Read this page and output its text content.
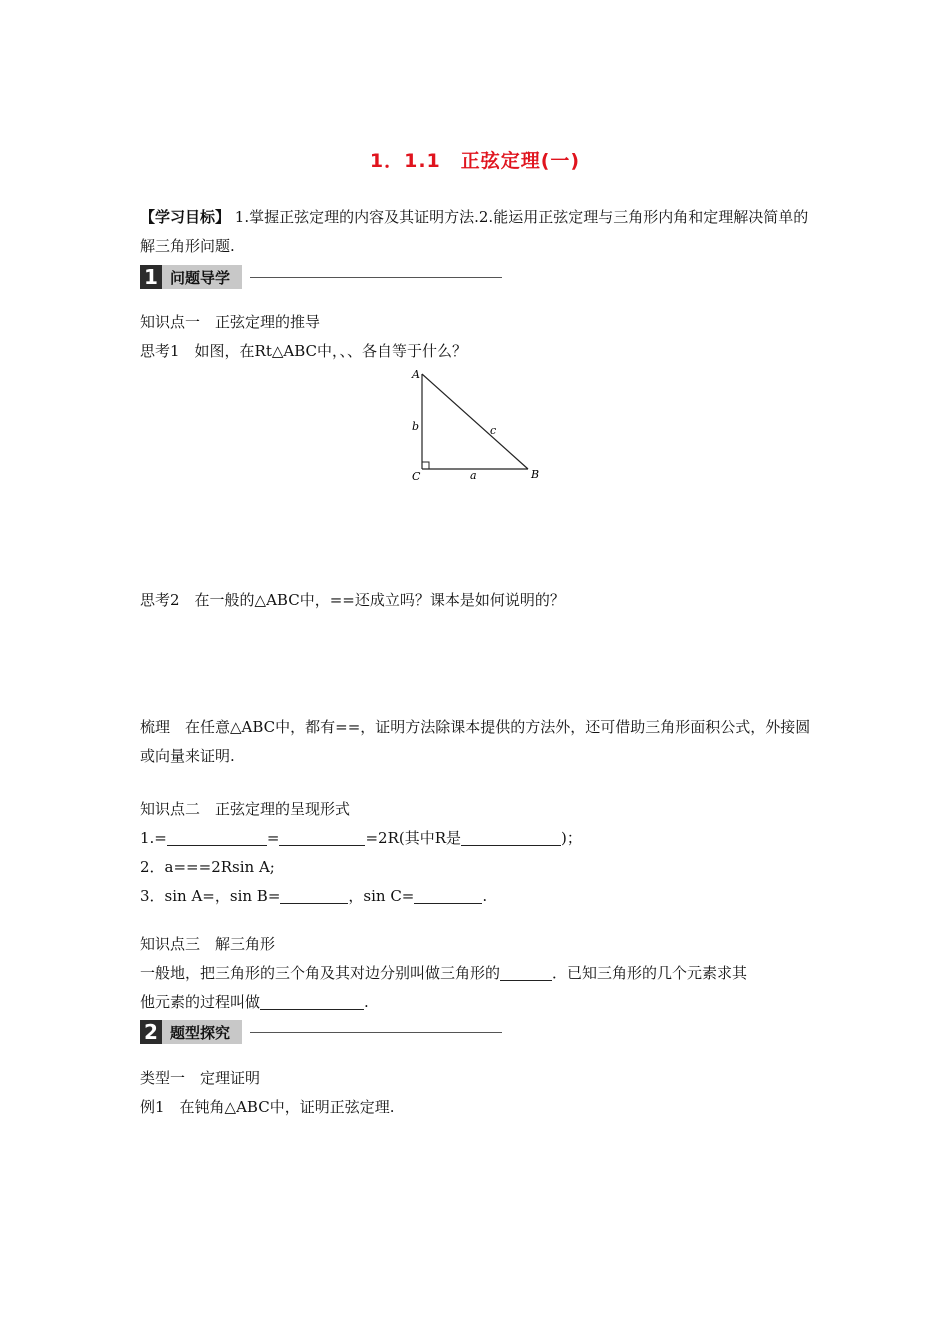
1．1.1　正弦定理(一)
【学习目标】 1.掌握正弦定理的内容及其证明方法.2.能运用正弦定理与三角形内角和定理解决简单的解三角形问题.
1 问题导学
知识点一　正弦定理的推导
思考1　如图，在Rt△ABC中，、、各自等于什么？
A
B
C	a
b	c
思考2　在一般的△ABC中，==还成立吗？课本是如何说明的？
梳理　在任意△ABC中，都有==，证明方法除课本提供的方法外，还可借助三角形面积公式，外接圆或向量来证明.
知识点二　正弦定理的呈现形式
1.=	=	=2R(其中R是	)；
2．a===2Rsin A;
3．sin A=，sin B=	，sin C=	.
知识点三　解三角形
一般地，把三角形的三个角及其对边分别叫做三角形的	．已知三角形的几个元素求其
他元素的过程叫做	.
2 题型探究
类型一　定理证明
例1　在钝角△ABC中，证明正弦定理.
